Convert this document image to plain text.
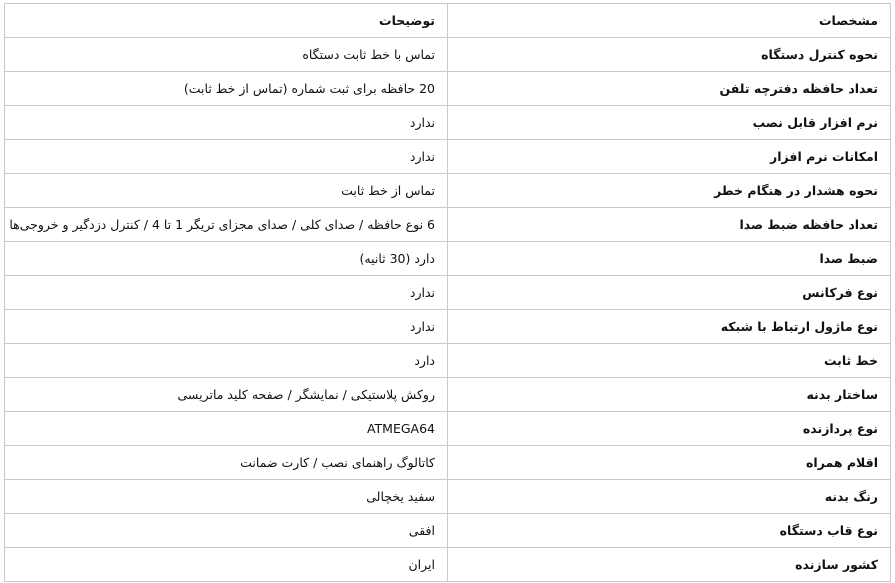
مشخصات	توضیحات
نحوه کنترل دستگاه	تماس با خط ثابت دستگاه
تعداد حافظه دفترچه تلفن	20 حافظه برای ثبت شماره (تماس از خط ثابت)
نرم افزار قابل نصب	ندارد
امکانات نرم افزار	ندارد
نحوه هشدار در هنگام خطر	تماس از خط ثابت
تعداد حافظه ضبط صدا	6 نوع حافظه / صدای کلی / صدای مجزای تریگر 1 تا 4 / کنترل دزدگیر و خروجی‌ها
ضبط صدا	دارد (30 ثانیه)
نوع فرکانس	ندارد
نوع ماژول ارتباط با شبکه	ندارد
خط ثابت	دارد
ساختار بدنه	روکش پلاستیکی / نمایشگر / صفحه کلید ماتریسی
نوع پردازنده	ATMEGA64
اقلام همراه	کاتالوگ راهنمای نصب / کارت ضمانت
رنگ بدنه	سفید یخچالی
نوع قاب دستگاه	افقی
کشور سازنده	ایران
